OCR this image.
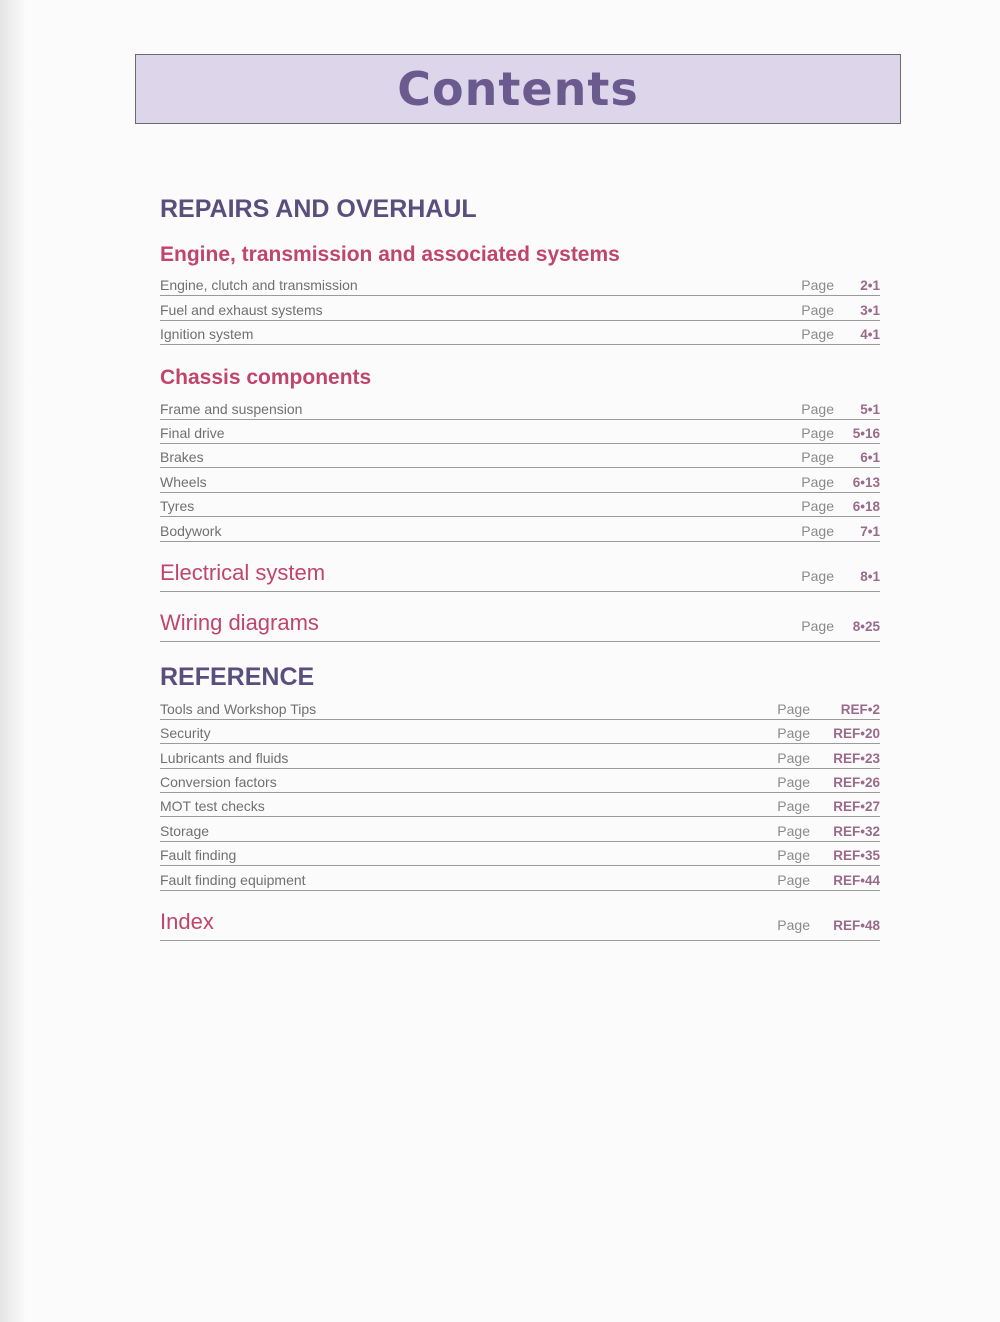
Contents
REPAIRS AND OVERHAUL
Engine, transmission and associated systems
Engine, clutch and transmission	Page	2•1
Fuel and exhaust systems	Page	3•1
Ignition system	Page	4•1
Chassis components
Frame and suspension	Page	5•1
Final drive	Page	5•16
Brakes	Page	6•1
Wheels	Page	6•13
Tyres	Page	6•18
Bodywork	Page	7•1
Electrical system	Page	8•1
Wiring diagrams	Page	8•25
REFERENCE
Tools and Workshop Tips	Page	REF•2
Security	Page	REF•20
Lubricants and fluids	Page	REF•23
Conversion factors	Page	REF•26
MOT test checks	Page	REF•27
Storage	Page	REF•32
Fault finding	Page	REF•35
Fault finding equipment	Page	REF•44
Index	Page	REF•48
